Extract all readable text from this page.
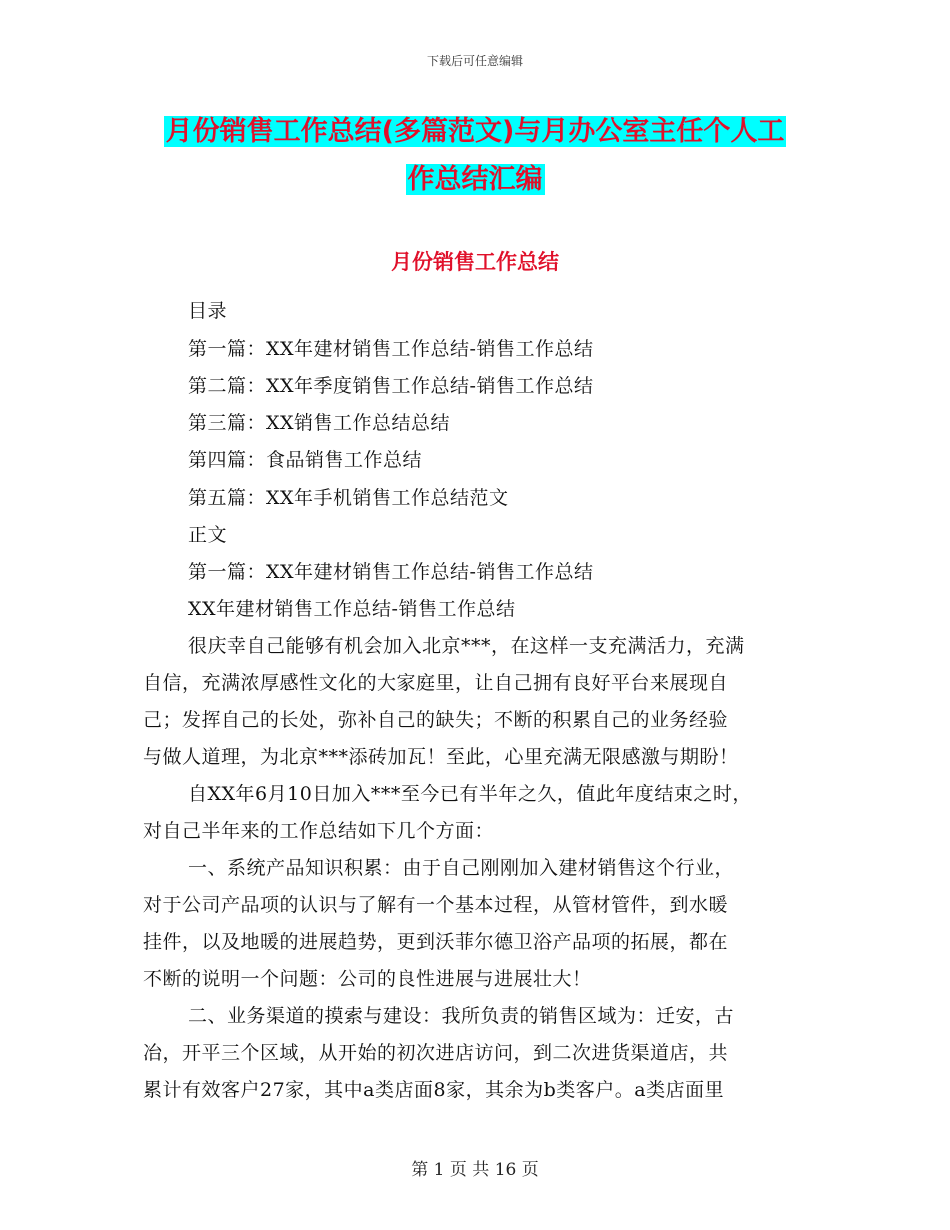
下载后可任意编辑
月份销售工作总结(多篇范文)与月办公室主任个人工
作总结汇编
月份销售工作总结
目录
第一篇：XX年建材销售工作总结-销售工作总结
第二篇：XX年季度销售工作总结-销售工作总结
第三篇：XX销售工作总结总结
第四篇：食品销售工作总结
第五篇：XX年手机销售工作总结范文
正文
第一篇：XX年建材销售工作总结-销售工作总结
XX年建材销售工作总结-销售工作总结
很庆幸自己能够有机会加入北京***，在这样一支充满活力，充满
自信，充满浓厚感性文化的大家庭里，让自己拥有良好平台来展现自
己；发挥自己的长处，弥补自己的缺失；不断的积累自己的业务经验
与做人道理，为北京***添砖加瓦！至此，心里充满无限感激与期盼！
自XX年6月10日加入***至今已有半年之久，值此年度结束之时，
对自己半年来的工作总结如下几个方面：
一、系统产品知识积累：由于自己刚刚加入建材销售这个行业，
对于公司产品项的认识与了解有一个基本过程，从管材管件，到水暖
挂件，以及地暖的进展趋势，更到沃菲尔德卫浴产品项的拓展，都在
不断的说明一个问题：公司的良性进展与进展壮大！
二、业务渠道的摸索与建设：我所负责的销售区域为：迁安，古
冶，开平三个区域，从开始的初次进店访问，到二次进货渠道店，共
累计有效客户27家，其中a类店面8家，其余为b类客户。a类店面里
第 1 页 共 16 页
